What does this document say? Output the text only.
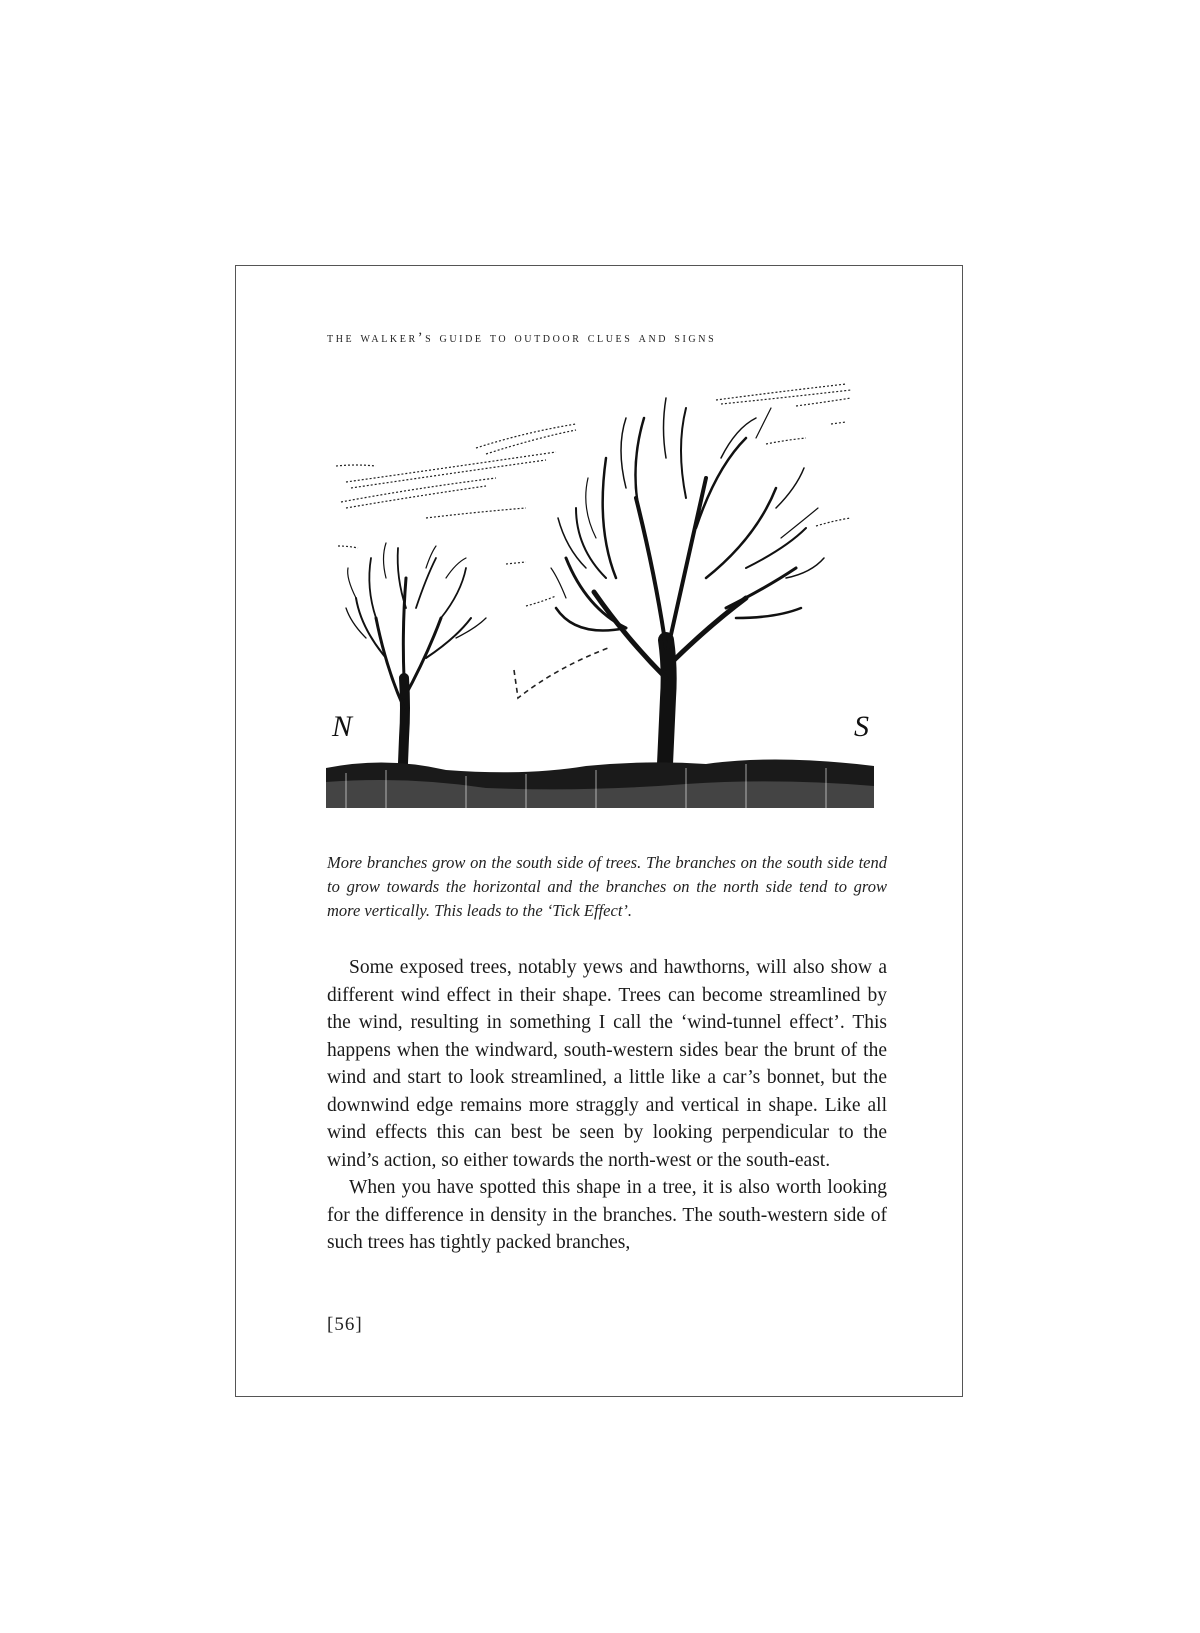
the walker’s guide to outdoor clues and signs
N	S
More branches grow on the south side of trees. The branches on the south side tend to grow towards the horizontal and the branches on the north side tend to grow more vertically. This leads to the ‘Tick Effect’.

Some exposed trees, notably yews and hawthorns, will also show a different wind effect in their shape. Trees can become streamlined by the wind, resulting in something I call the ‘wind-tunnel effect’. This happens when the windward, south-western sides bear the brunt of the wind and start to look streamlined, a little like a car’s bonnet, but the downwind edge remains more straggly and vertical in shape. Like all wind effects this can best be seen by looking perpendicular to the wind’s action, so either towards the north-west or the south-east.

When you have spotted this shape in a tree, it is also worth looking for the difference in density in the branches. The south-western side of such trees has tightly packed branches,

[56]
